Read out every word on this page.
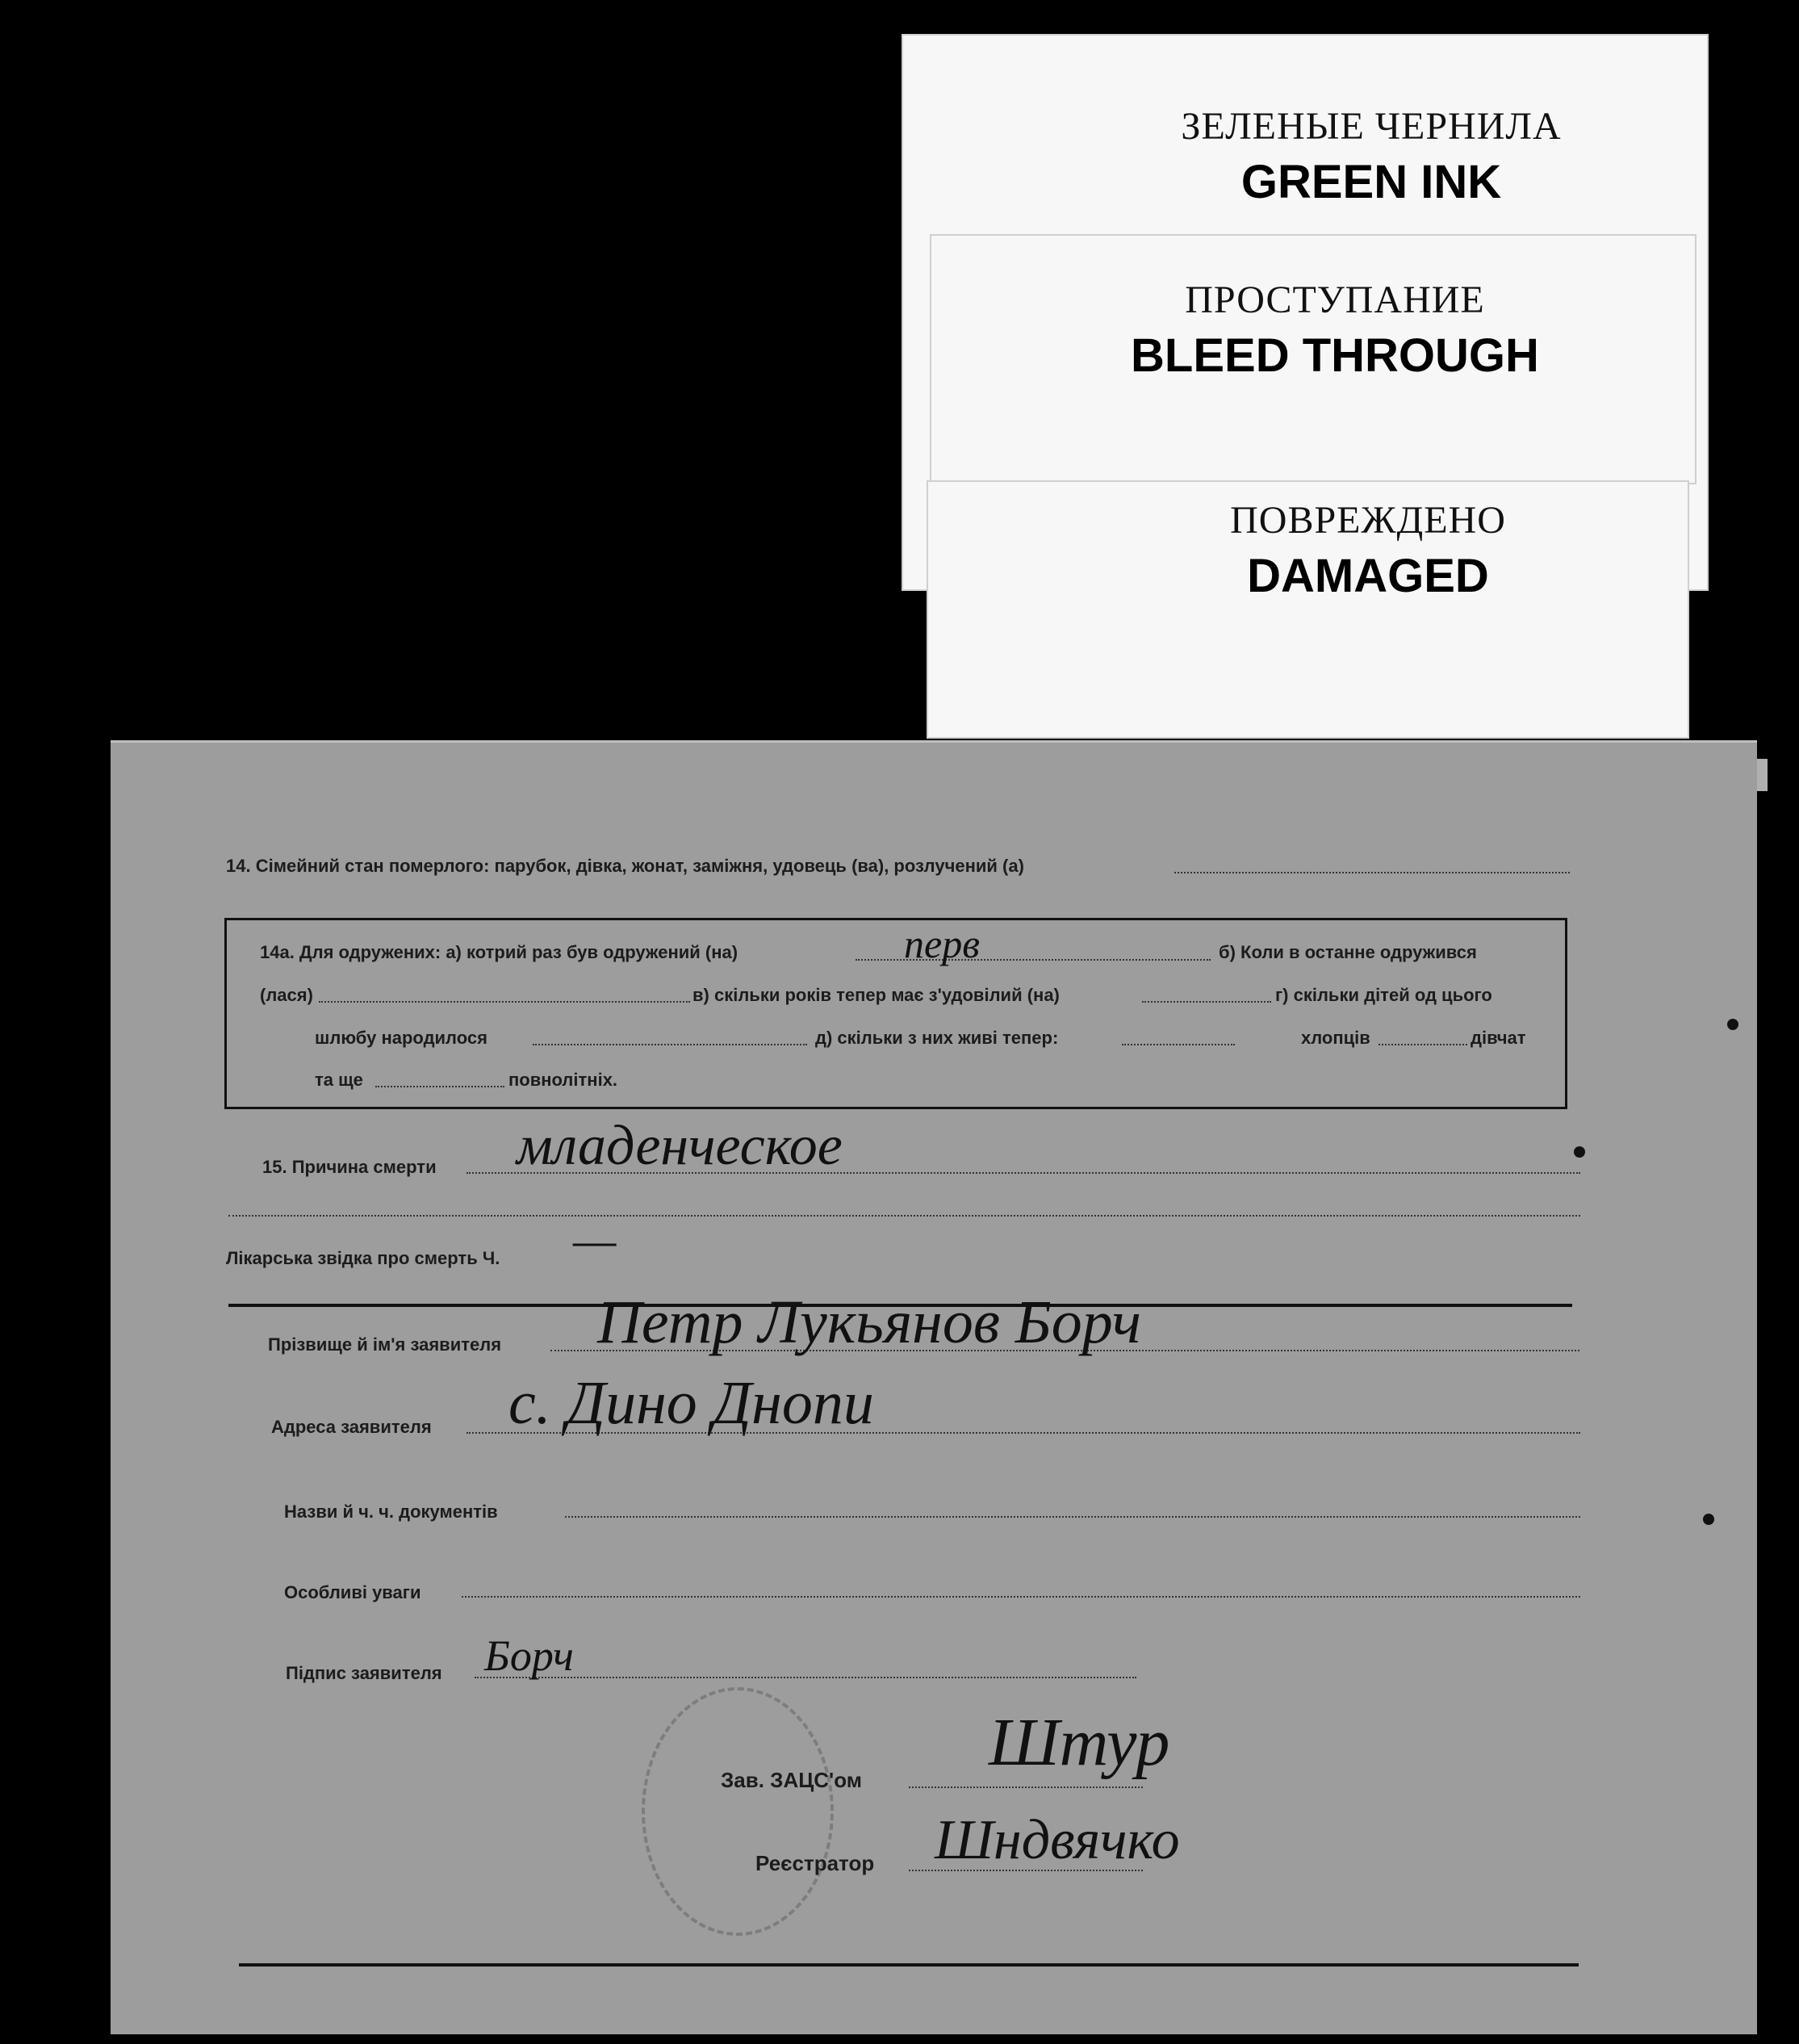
ЗЕЛЕНЫЕ ЧЕРНИЛА
GREEN INK
ПРОСТУПАНИЕ
BLEED THROUGH
ПОВРЕЖДЕНО
DAMAGED
14. Сімейний стан померлого: парубок, дівка, жонат, заміжня, удовець (ва), розлучений (а)
14а. Для одружених: а) котрий раз був одружений (на)	перв	б) Коли в останне одружився
(лася)	в) скільки років тепер має з'удовілий (на)	г) скільки дітей од цього
шлюбу народилося	д) скільки з них живі тепер:	хлопців	дівчат
та ще	повнолітніх.
15. Причина смерти младенческое
Лікарська звідка про смерть Ч. —
Прізвище й ім'я заявителя Петр Лукьянов Борч
Адреса заявителя с. Динo Днoпи
Назви й ч. ч. документів
Особливі уваги
Підпис заявителя Борч
Зав. ЗАЦС'ом Штур
Реєстратор Шндвячко
